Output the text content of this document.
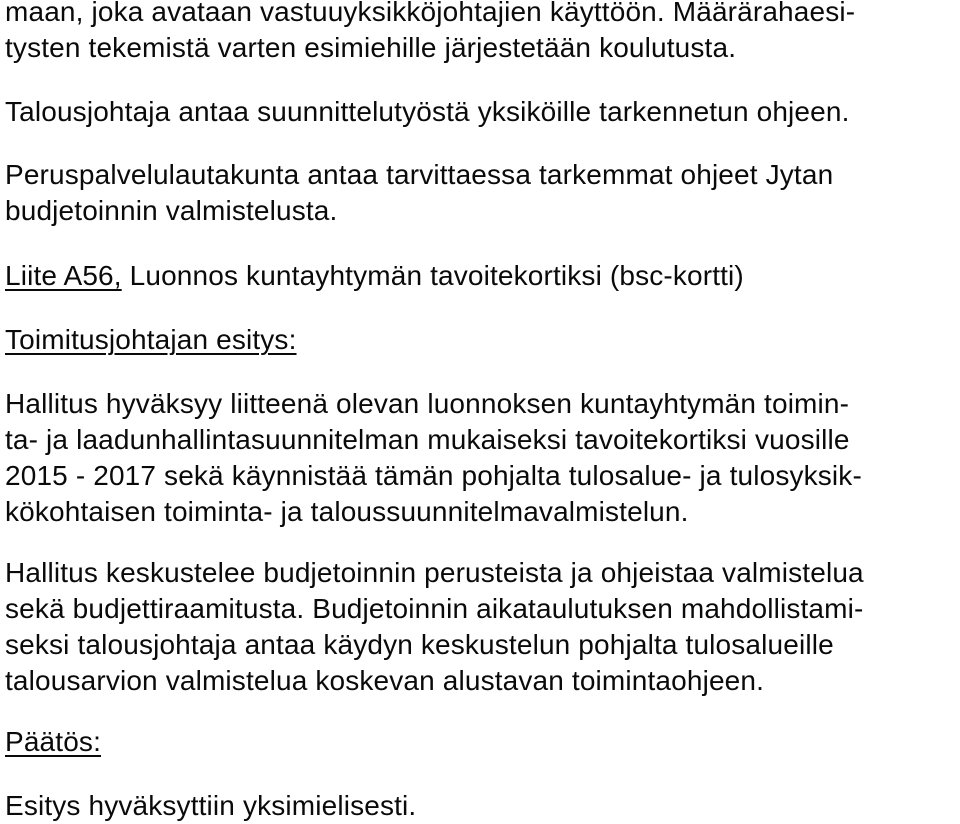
maan, joka avataan vastuuyksikköjohtajien käyttöön. Määrärahaesi-
tysten tekemistä varten esimiehille järjestetään koulutusta.
Talousjohtaja antaa suunnittelutyöstä yksiköille tarkennetun ohjeen.
Peruspalvelulautakunta antaa tarvittaessa tarkemmat ohjeet Jytan
budjetoinnin valmistelusta.
Liite A56, Luonnos kuntayhtymän tavoitekortiksi (bsc-kortti)
Toimitusjohtajan esitys:
Hallitus hyväksyy liitteenä olevan luonnoksen kuntayhtymän toimin-
ta- ja laadunhallintasuunnitelman mukaiseksi tavoitekortiksi vuosille
2015 - 2017 sekä käynnistää tämän pohjalta tulosalue- ja tulosyksik-
kökohtaisen toiminta- ja taloussuunnitelmavalmistelun.
Hallitus keskustelee budjetoinnin perusteista ja ohjeistaa valmistelua
sekä budjettiraamitusta. Budjetoinnin aikataulutuksen mahdollistami-
seksi talousjohtaja antaa käydyn keskustelun pohjalta tulosalueille
talousarvion valmistelua koskevan alustavan toimintaohjeen.
Päätös:
Esitys hyväksyttiin yksimielisesti.
